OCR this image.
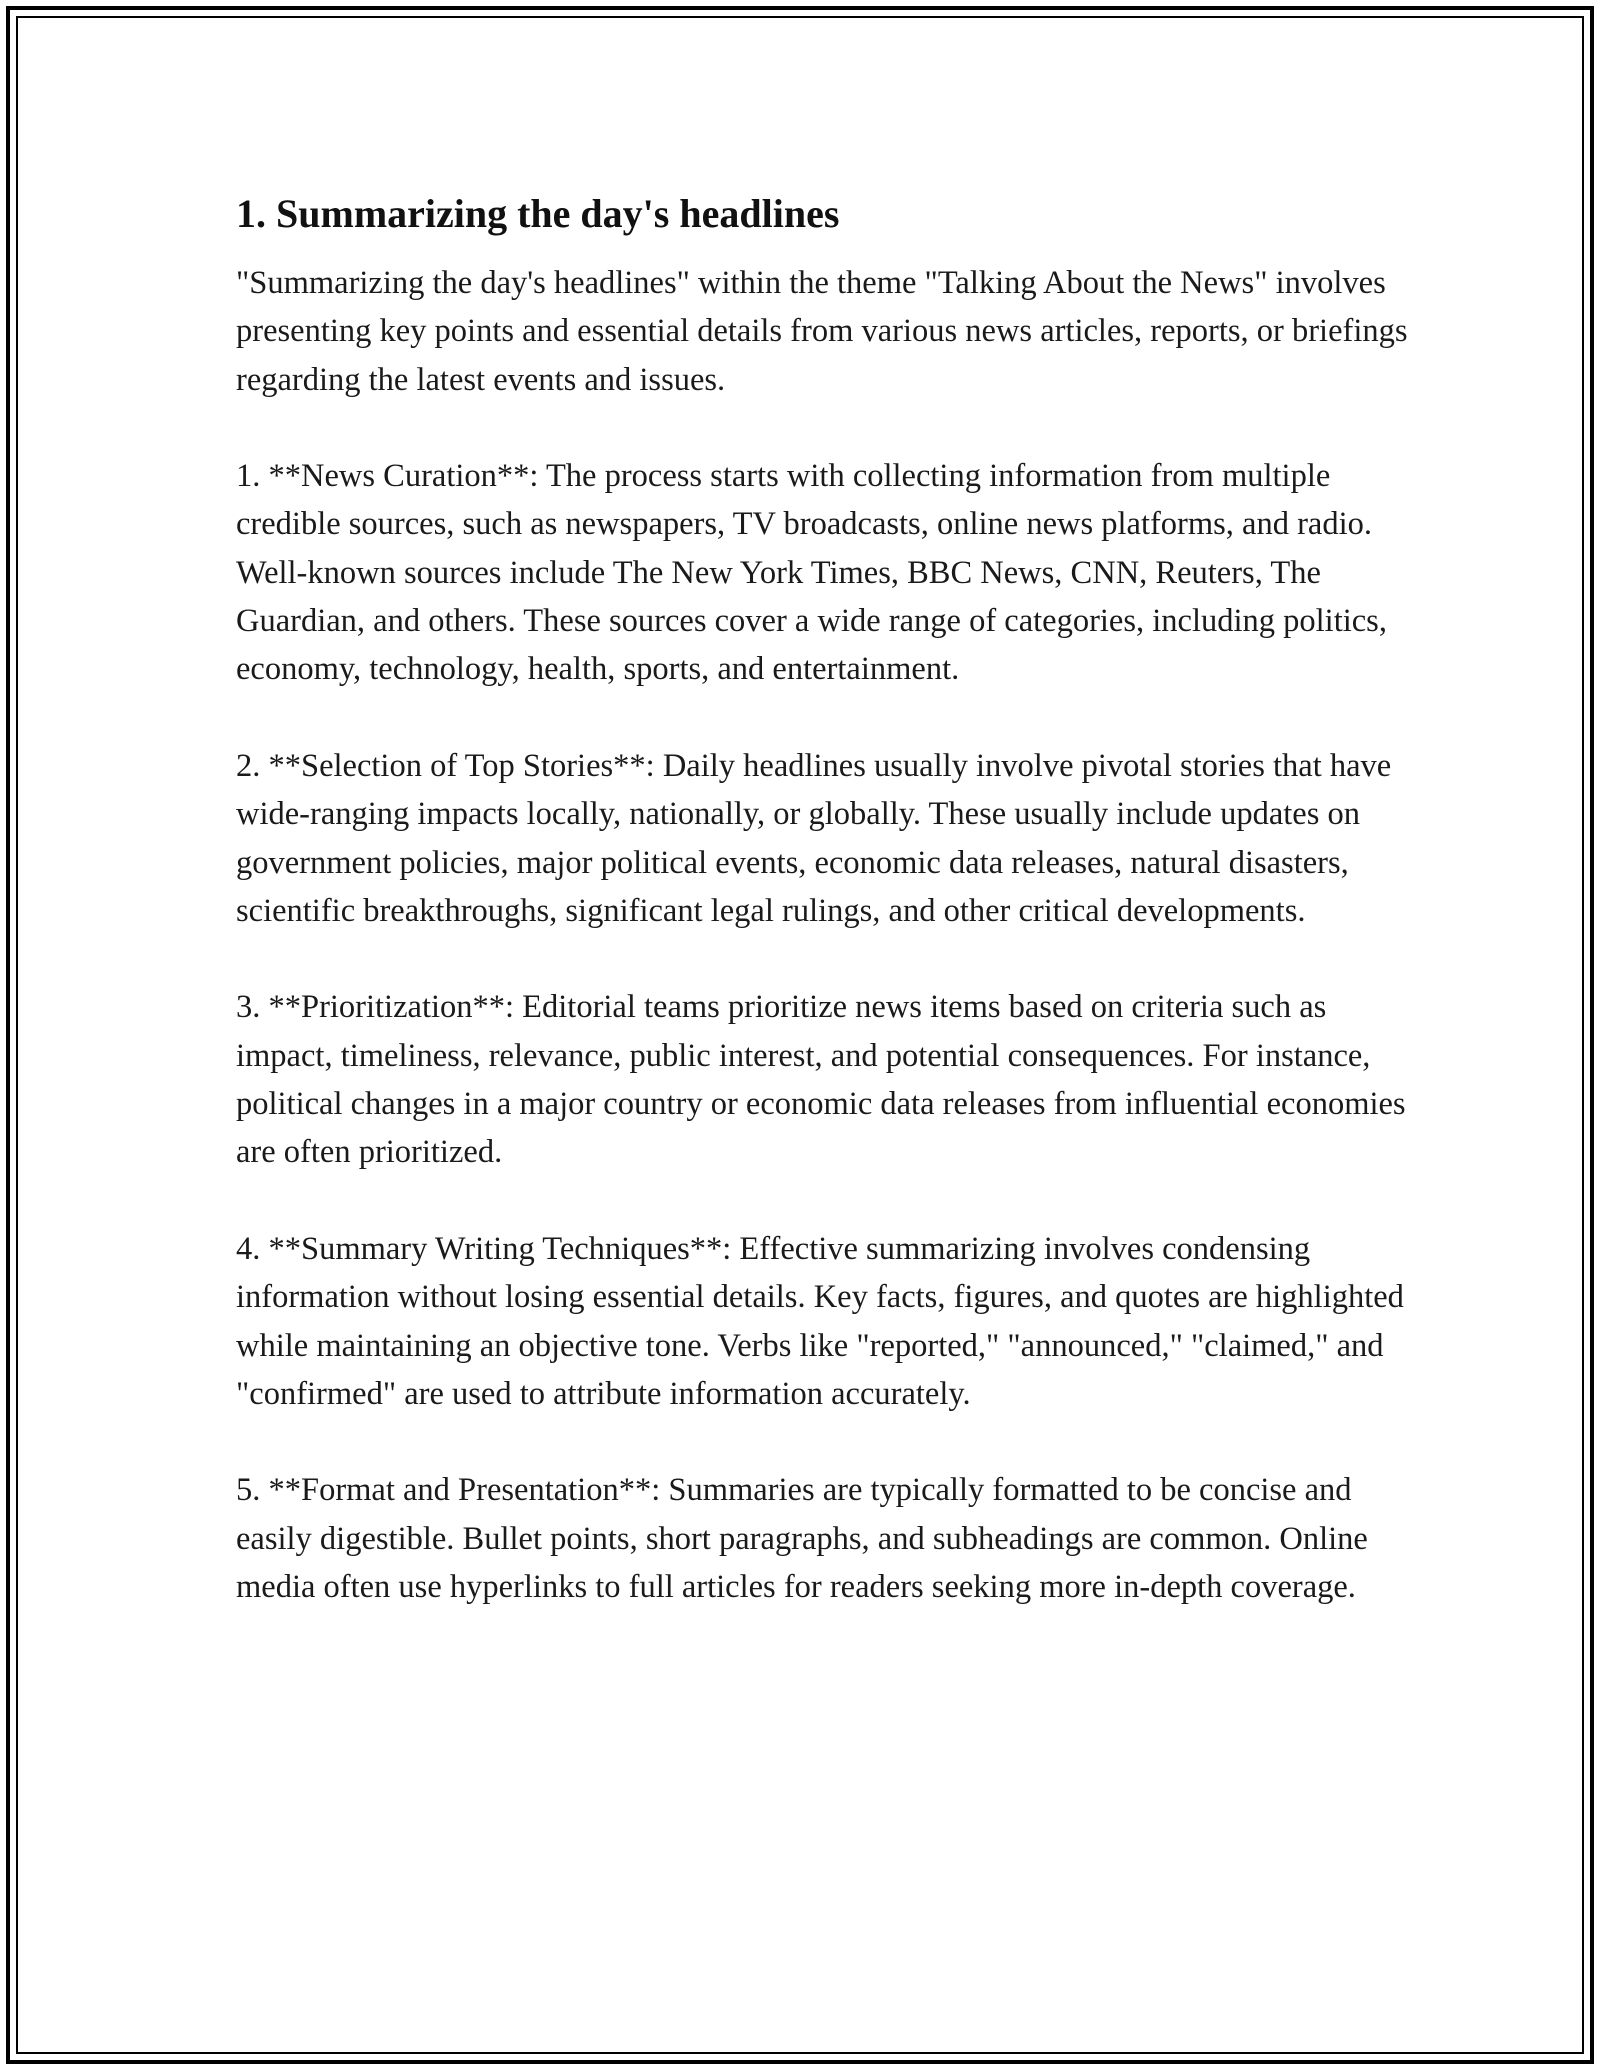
1. Summarizing the day's headlines

"Summarizing the day's headlines" within the theme "Talking About the News" involves presenting key points and essential details from various news articles, reports, or briefings regarding the latest events and issues.

1. **News Curation**: The process starts with collecting information from multiple credible sources, such as newspapers, TV broadcasts, online news platforms, and radio. Well-known sources include The New York Times, BBC News, CNN, Reuters, The Guardian, and others. These sources cover a wide range of categories, including politics, economy, technology, health, sports, and entertainment.

2. **Selection of Top Stories**: Daily headlines usually involve pivotal stories that have wide-ranging impacts locally, nationally, or globally. These usually include updates on government policies, major political events, economic data releases, natural disasters, scientific breakthroughs, significant legal rulings, and other critical developments.

3. **Prioritization**: Editorial teams prioritize news items based on criteria such as impact, timeliness, relevance, public interest, and potential consequences. For instance, political changes in a major country or economic data releases from influential economies are often prioritized.

4. **Summary Writing Techniques**: Effective summarizing involves condensing information without losing essential details. Key facts, figures, and quotes are highlighted while maintaining an objective tone. Verbs like "reported," "announced," "claimed," and "confirmed" are used to attribute information accurately.

5. **Format and Presentation**: Summaries are typically formatted to be concise and easily digestible. Bullet points, short paragraphs, and subheadings are common. Online media often use hyperlinks to full articles for readers seeking more in-depth coverage.
